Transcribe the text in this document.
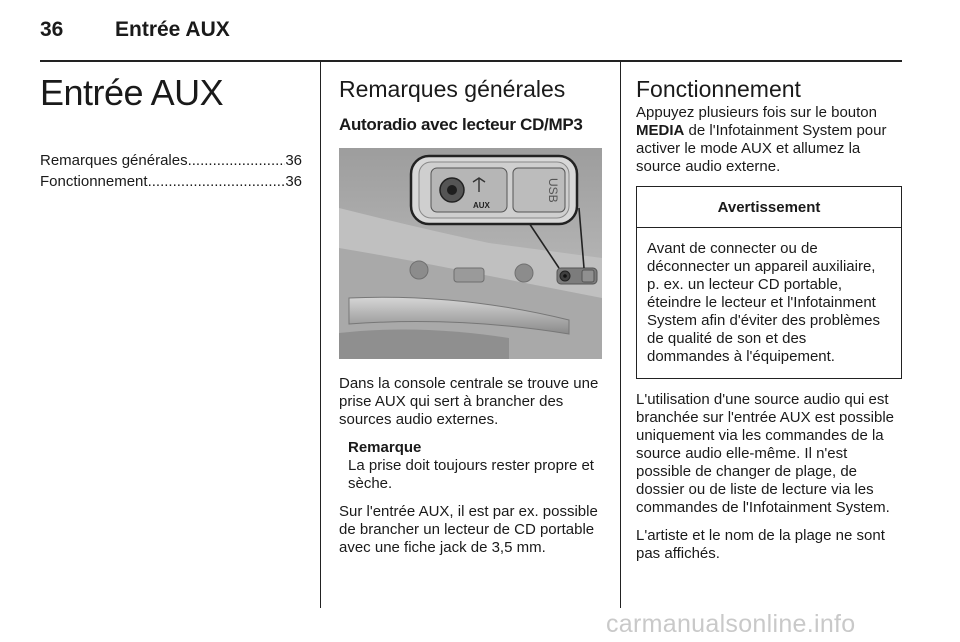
36 Entrée AUX
Entrée AUX
Remarques générales .....	36
Fonctionnement .....	36
Remarques générales
Autoradio avec lecteur CD/MP3
AUX
USB

Dans la console centrale se trouve une prise AUX qui sert à brancher des sources audio externes.

Remarque
La prise doit toujours rester propre et sèche.

Sur l'entrée AUX, il est par ex. possible de brancher un lecteur de CD portable avec une fiche jack de 3,5 mm.

Fonctionnement

Appuyez plusieurs fois sur le bouton MEDIA de l'Infotainment System pour activer le mode AUX et allumez la source audio externe.

Avertissement
Avant de connecter ou de déconnecter un appareil auxiliaire, p. ex. un lecteur CD portable, éteindre le lecteur et l'Infotainment System afin d'éviter des problèmes de qualité de son et des dommandes à l'équipement.

L'utilisation d'une source audio qui est branchée sur l'entrée AUX est possible uniquement via les commandes de la source audio elle-même. Il n'est possible de changer de plage, de dossier ou de liste de lecture via les commandes de l'Infotainment System.

L'artiste et le nom de la plage ne sont pas affichés.

carmanualsonline.info
